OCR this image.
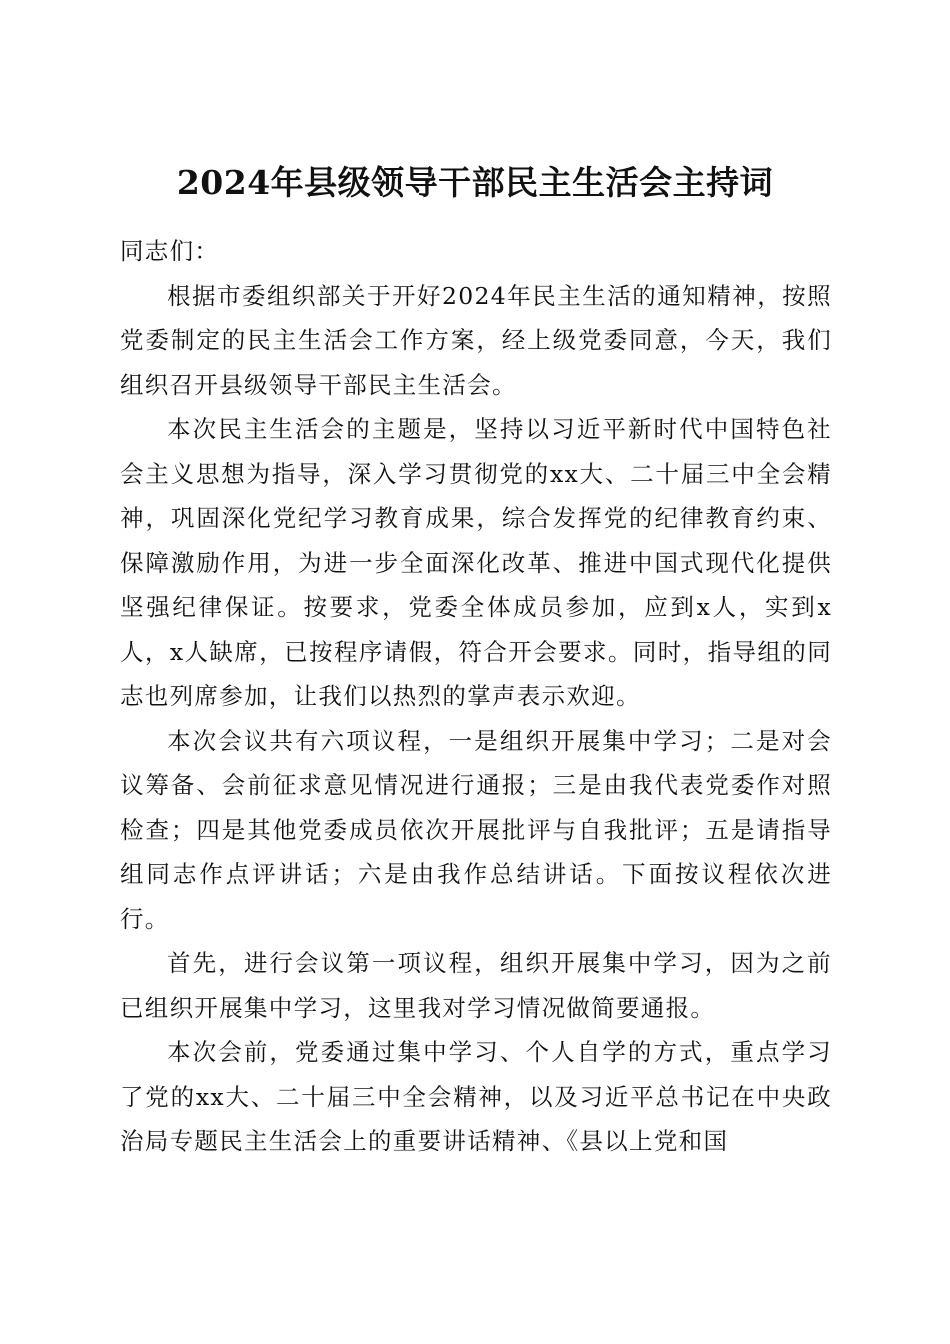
2024年县级领导干部民主生活会主持词

同志们：

根据市委组织部关于开好2024年民主生活的通知精神，按照党委制定的民主生活会工作方案，经上级党委同意，今天，我们组织召开县级领导干部民主生活会。

本次民主生活会的主题是，坚持以习近平新时代中国特色社会主义思想为指导，深入学习贯彻党的xx大、二十届三中全会精神，巩固深化党纪学习教育成果，综合发挥党的纪律教育约束、保障激励作用，为进一步全面深化改革、推进中国式现代化提供坚强纪律保证。按要求，党委全体成员参加，应到x人，实到x人，x人缺席，已按程序请假，符合开会要求。同时，指导组的同志也列席参加，让我们以热烈的掌声表示欢迎。

本次会议共有六项议程，一是组织开展集中学习；二是对会议筹备、会前征求意见情况进行通报；三是由我代表党委作对照检查；四是其他党委成员依次开展批评与自我批评；五是请指导组同志作点评讲话；六是由我作总结讲话。下面按议程依次进行。

首先，进行会议第一项议程，组织开展集中学习，因为之前已组织开展集中学习，这里我对学习情况做简要通报。

本次会前，党委通过集中学习、个人自学的方式，重点学习了党的xx大、二十届三中全会精神，以及习近平总书记在中央政治局专题民主生活会上的重要讲话精神、《县以上党和国
